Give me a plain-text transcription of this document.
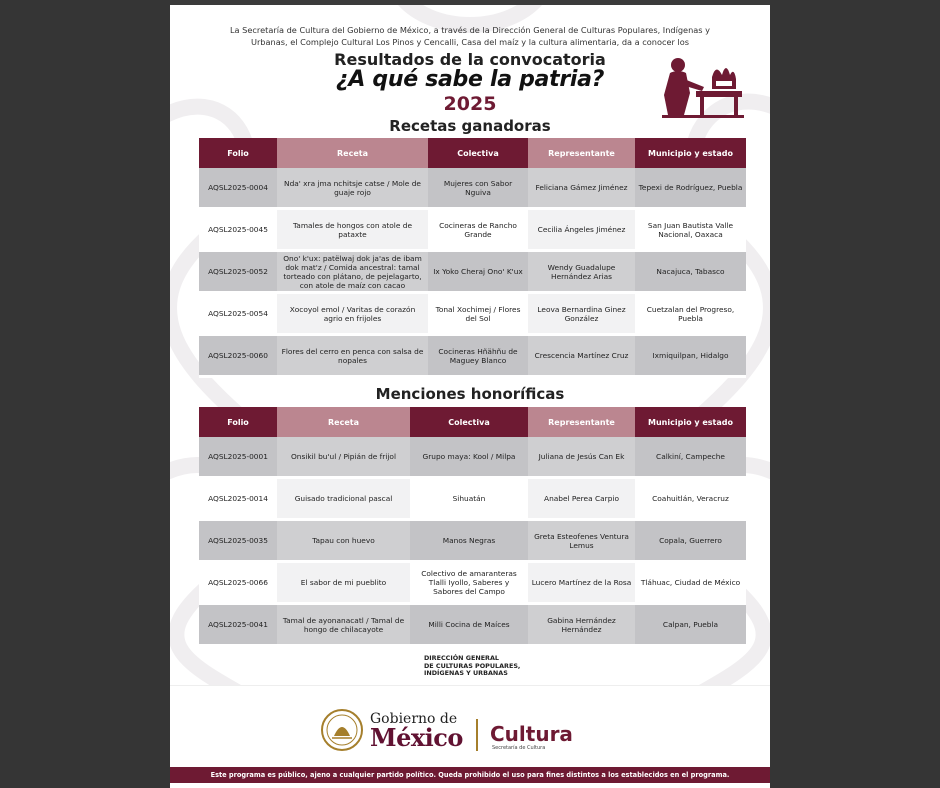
La Secretaría de Cultura del Gobierno de México, a través de la Dirección General de Culturas Populares, Indígenas y Urbanas, el Complejo Cultural Los Pinos y Cencalli, Casa del maíz y la cultura alimentaria, da a conocer los
Resultados de la convocatoria
¿A qué sabe la patria?
2025
Recetas ganadoras
Folio	Receta	Colectiva	Representante	Municipio y estado
AQSL2025-0004	Nda' xra jma nchitsje catse / Mole de guaje rojo	Mujeres con Sabor Nguiva	Feliciana Gámez Jiménez	Tepexi de Rodríguez, Puebla
AQSL2025-0045	Tamales de hongos con atole de pataxte	Cocineras de Rancho Grande	Cecilia Ángeles Jiménez	San Juan Bautista Valle Nacional, Oaxaca
AQSL2025-0052	Ono' k'ux: patëlwaj dok ja'as de ibam dok mat'z / Comida ancestral: tamal torteado con plátano, de pejelagarto, con atole de maíz con cacao	Ix Yoko Cheraj Ono' K'ux	Wendy Guadalupe Hernández Arias	Nacajuca, Tabasco
AQSL2025-0054	Xocoyol emol / Varitas de corazón agrio en frijoles	Tonal Xochimej / Flores del Sol	Leova Bernardina Ginez González	Cuetzalan del Progreso, Puebla
AQSL2025-0060	Flores del cerro en penca con salsa de nopales	Cocineras Hñähñu de Maguey Blanco	Crescencia Martínez Cruz	Ixmiquilpan, Hidalgo
Menciones honoríficas
Folio	Receta	Colectiva	Representante	Municipio y estado
AQSL2025-0001	Onsikil bu'ul / Pipián de frijol	Grupo maya: Kool / Milpa	Juliana de Jesús Can Ek	Calkiní, Campeche
AQSL2025-0014	Guisado tradicional pascal	Sihuatán	Anabel Perea Carpio	Coahuitlán, Veracruz
AQSL2025-0035	Tapau con huevo	Manos Negras	Greta Esteofenes Ventura Lemus	Copala, Guerrero
AQSL2025-0066	El sabor de mi pueblito	Colectivo de amaranteras Tlalli Iyollo, Saberes y Sabores del Campo	Lucero Martínez de la Rosa	Tláhuac, Ciudad de México
AQSL2025-0041	Tamal de ayonanacatl / Tamal de hongo de chilacayote	Milli Cocina de Maíces	Gabina Hernández Hernández	Calpan, Puebla
DIRECCIÓN GENERAL
DE CULTURAS POPULARES,
INDÍGENAS Y URBANAS
Gobierno de
México Cultura
Secretaría de Cultura
Este programa es público, ajeno a cualquier partido político. Queda prohibido el uso para fines distintos a los establecidos en el programa.
